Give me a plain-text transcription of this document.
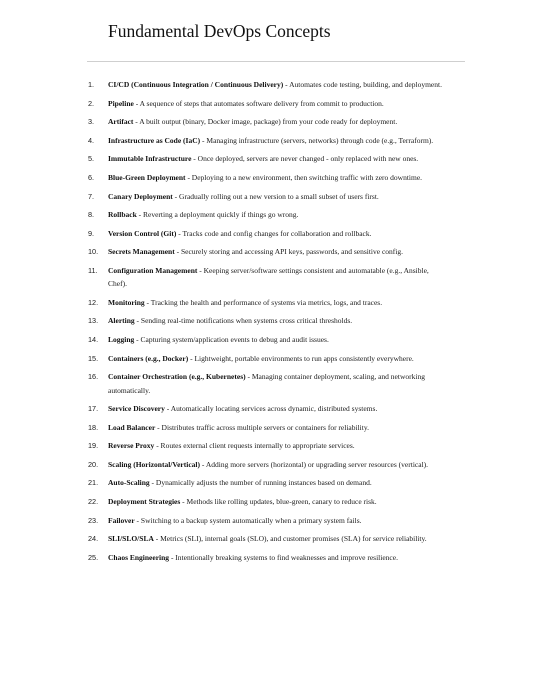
Fundamental DevOps Concepts
1.	CI/CD (Continuous Integration / Continuous Delivery) - Automates code testing, building, and deployment.
2.	Pipeline - A sequence of steps that automates software delivery from commit to production.
3.	Artifact - A built output (binary, Docker image, package) from your code ready for deployment.
4.	Infrastructure as Code (IaC) - Managing infrastructure (servers, networks) through code (e.g., Terraform).
5.	Immutable Infrastructure - Once deployed, servers are never changed - only replaced with new ones.
6.	Blue-Green Deployment - Deploying to a new environment, then switching traffic with zero downtime.
7.	Canary Deployment - Gradually rolling out a new version to a small subset of users first.
8.	Rollback - Reverting a deployment quickly if things go wrong.
9.	Version Control (Git) - Tracks code and config changes for collaboration and rollback.
10.	Secrets Management - Securely storing and accessing API keys, passwords, and sensitive config.
11.	Configuration Management - Keeping server/software settings consistent and automatable (e.g., Ansible, Chef).
12.	Monitoring - Tracking the health and performance of systems via metrics, logs, and traces.
13.	Alerting - Sending real-time notifications when systems cross critical thresholds.
14.	Logging - Capturing system/application events to debug and audit issues.
15.	Containers (e.g., Docker) - Lightweight, portable environments to run apps consistently everywhere.
16.	Container Orchestration (e.g., Kubernetes) - Managing container deployment, scaling, and networking automatically.
17.	Service Discovery - Automatically locating services across dynamic, distributed systems.
18.	Load Balancer - Distributes traffic across multiple servers or containers for reliability.
19.	Reverse Proxy - Routes external client requests internally to appropriate services.
20.	Scaling (Horizontal/Vertical) - Adding more servers (horizontal) or upgrading server resources (vertical).
21.	Auto-Scaling - Dynamically adjusts the number of running instances based on demand.
22.	Deployment Strategies - Methods like rolling updates, blue-green, canary to reduce risk.
23.	Failover - Switching to a backup system automatically when a primary system fails.
24.	SLI/SLO/SLA - Metrics (SLI), internal goals (SLO), and customer promises (SLA) for service reliability.
25.	Chaos Engineering - Intentionally breaking systems to find weaknesses and improve resilience.
